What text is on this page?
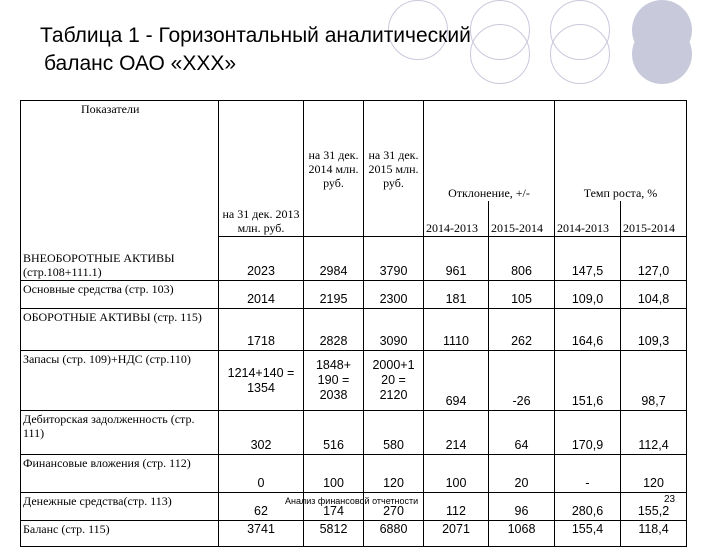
Таблица 1 - Горизонтальный аналитический
баланс ОАО «ХХХ»
Показатели	на 31 дек. 2013 млн. руб.	на 31 дек. 2014 млн. руб.	на 31 дек. 2015 млн. руб.	Отклонение, +/-		Темп роста, %	
				2014-2013	2015-2014	2014-2013	2015-2014
ВНЕОБОРОТНЫЕ АКТИВЫ (стр.108+111.1)	2023	2984	3790	961	806	147,5	127,0
Основные средства (стр. 103)	2014	2195	2300	181	105	109,0	104,8
ОБОРОТНЫЕ АКТИВЫ (стр. 115)	1718	2828	3090	1110	262	164,6	109,3
Запасы (стр. 109)+НДС (стр.110)	1214+140 = 1354	1848+ 190 = 2038	2000+1 20 = 2120	694	-26	151,6	98,7
Дебиторская задолженность (стр. 111)	302	516	580	214	64	170,9	112,4
Финансовые вложения (стр. 112)	0	100	120	100	20	-	120
Денежные средства(стр. 113)	62	174	270	112	96	280,6	155,2
Баланс (стр. 115)	3741	5812	6880	2071	1068	155,4	118,4
Анализ финансовой отчетности	23
